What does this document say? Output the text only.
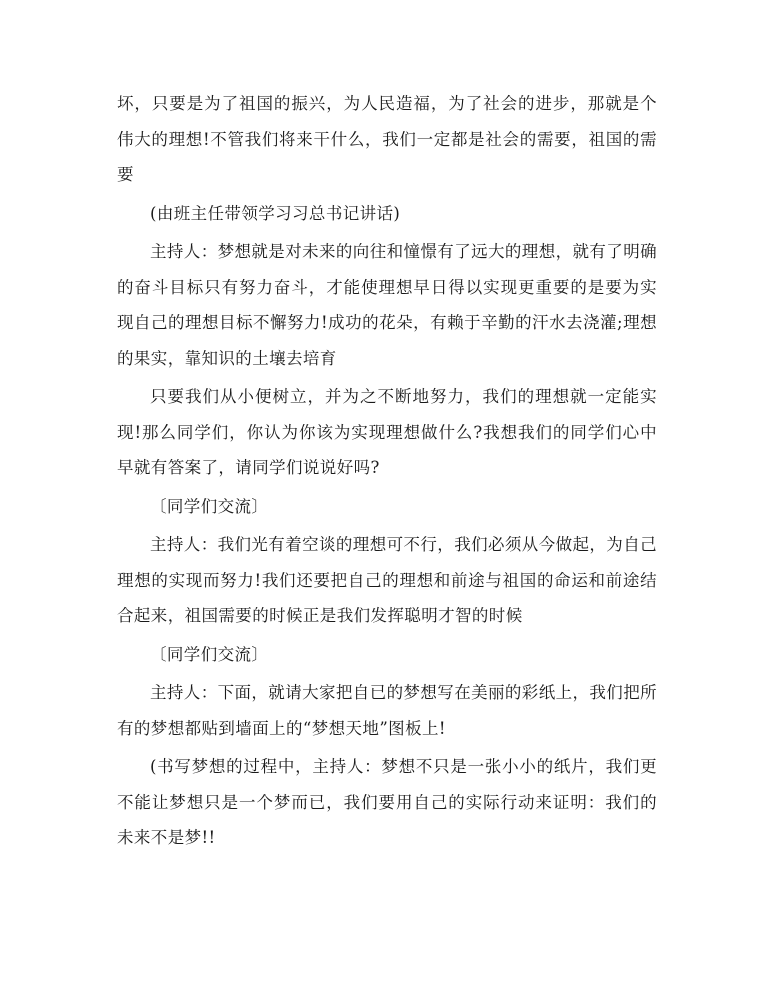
坏，只要是为了祖国的振兴，为人民造福，为了社会的进步，那就是个伟大的理想!不管我们将来干什么，我们一定都是社会的需要，祖国的需要

(由班主任带领学习习总书记讲话)

主持人：梦想就是对未来的向往和憧憬有了远大的理想，就有了明确的奋斗目标只有努力奋斗，才能使理想早日得以实现更重要的是要为实现自己的理想目标不懈努力!成功的花朵，有赖于辛勤的汗水去浇灌;理想的果实，靠知识的土壤去培育

只要我们从小便树立，并为之不断地努力，我们的理想就一定能实现!那么同学们，你认为你该为实现理想做什么?我想我们的同学们心中早就有答案了，请同学们说说好吗?

〔同学们交流〕

主持人：我们光有着空谈的理想可不行，我们必须从今做起，为自己理想的实现而努力!我们还要把自己的理想和前途与祖国的命运和前途结合起来，祖国需要的时候正是我们发挥聪明才智的时候

〔同学们交流〕

主持人：下面，就请大家把自已的梦想写在美丽的彩纸上，我们把所有的梦想都贴到墙面上的“梦想天地”图板上!

(书写梦想的过程中，主持人：梦想不只是一张小小的纸片，我们更不能让梦想只是一个梦而已，我们要用自己的实际行动来证明：我们的未来不是梦!!
